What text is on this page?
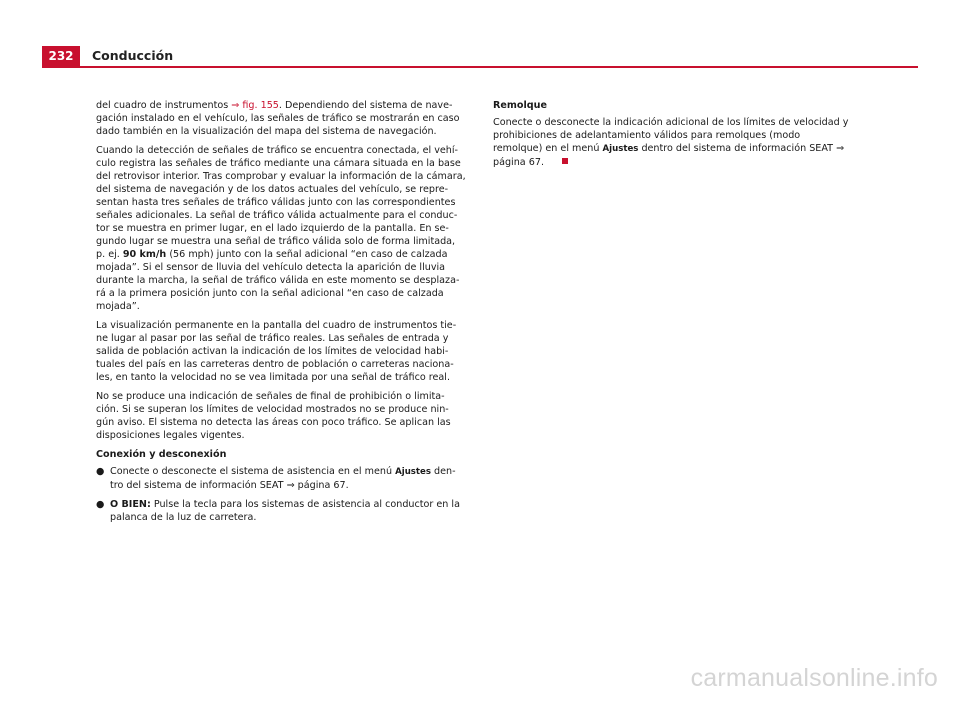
232	Conducción

del cuadro de instrumentos ⇒ fig. 155. Dependiendo del sistema de nave-gación instalado en el vehículo, las señales de tráfico se mostrarán en caso dado también en la visualización del mapa del sistema de navegación.

Cuando la detección de señales de tráfico se encuentra conectada, el vehí-culo registra las señales de tráfico mediante una cámara situada en la base del retrovisor interior. Tras comprobar y evaluar la información de la cámara, del sistema de navegación y de los datos actuales del vehículo, se repre-sentan hasta tres señales de tráfico válidas junto con las correspondientes señales adicionales. La señal de tráfico válida actualmente para el conduc-tor se muestra en primer lugar, en el lado izquierdo de la pantalla. En se-gundo lugar se muestra una señal de tráfico válida solo de forma limitada, p. ej. 90 km/h (56 mph) junto con la señal adicional “en caso de calzada mojada”. Si el sensor de lluvia del vehículo detecta la aparición de lluvia durante la marcha, la señal de tráfico válida en este momento se desplaza-rá a la primera posición junto con la señal adicional “en caso de calzada mojada”.

La visualización permanente en la pantalla del cuadro de instrumentos tie-ne lugar al pasar por las señal de tráfico reales. Las señales de entrada y salida de población activan la indicación de los límites de velocidad habi-tuales del país en las carreteras dentro de población o carreteras naciona-les, en tanto la velocidad no se vea limitada por una señal de tráfico real.

No se produce una indicación de señales de final de prohibición o limita-ción. Si se superan los límites de velocidad mostrados no se produce nin-gún aviso. El sistema no detecta las áreas con poco tráfico. Se aplican las disposiciones legales vigentes.

Conexión y desconexión

● Conecte o desconecte el sistema de asistencia en el menú Ajustes den-tro del sistema de información SEAT ⇒ página 67.

● O BIEN: Pulse la tecla para los sistemas de asistencia al conductor en la palanca de la luz de carretera.

Remolque

Conecte o desconecte la indicación adicional de los límites de velocidad y prohibiciones de adelantamiento válidos para remolques (modo remolque) en el menú Ajustes dentro del sistema de información SEAT ⇒ página 67.

carmanualsonline.info
